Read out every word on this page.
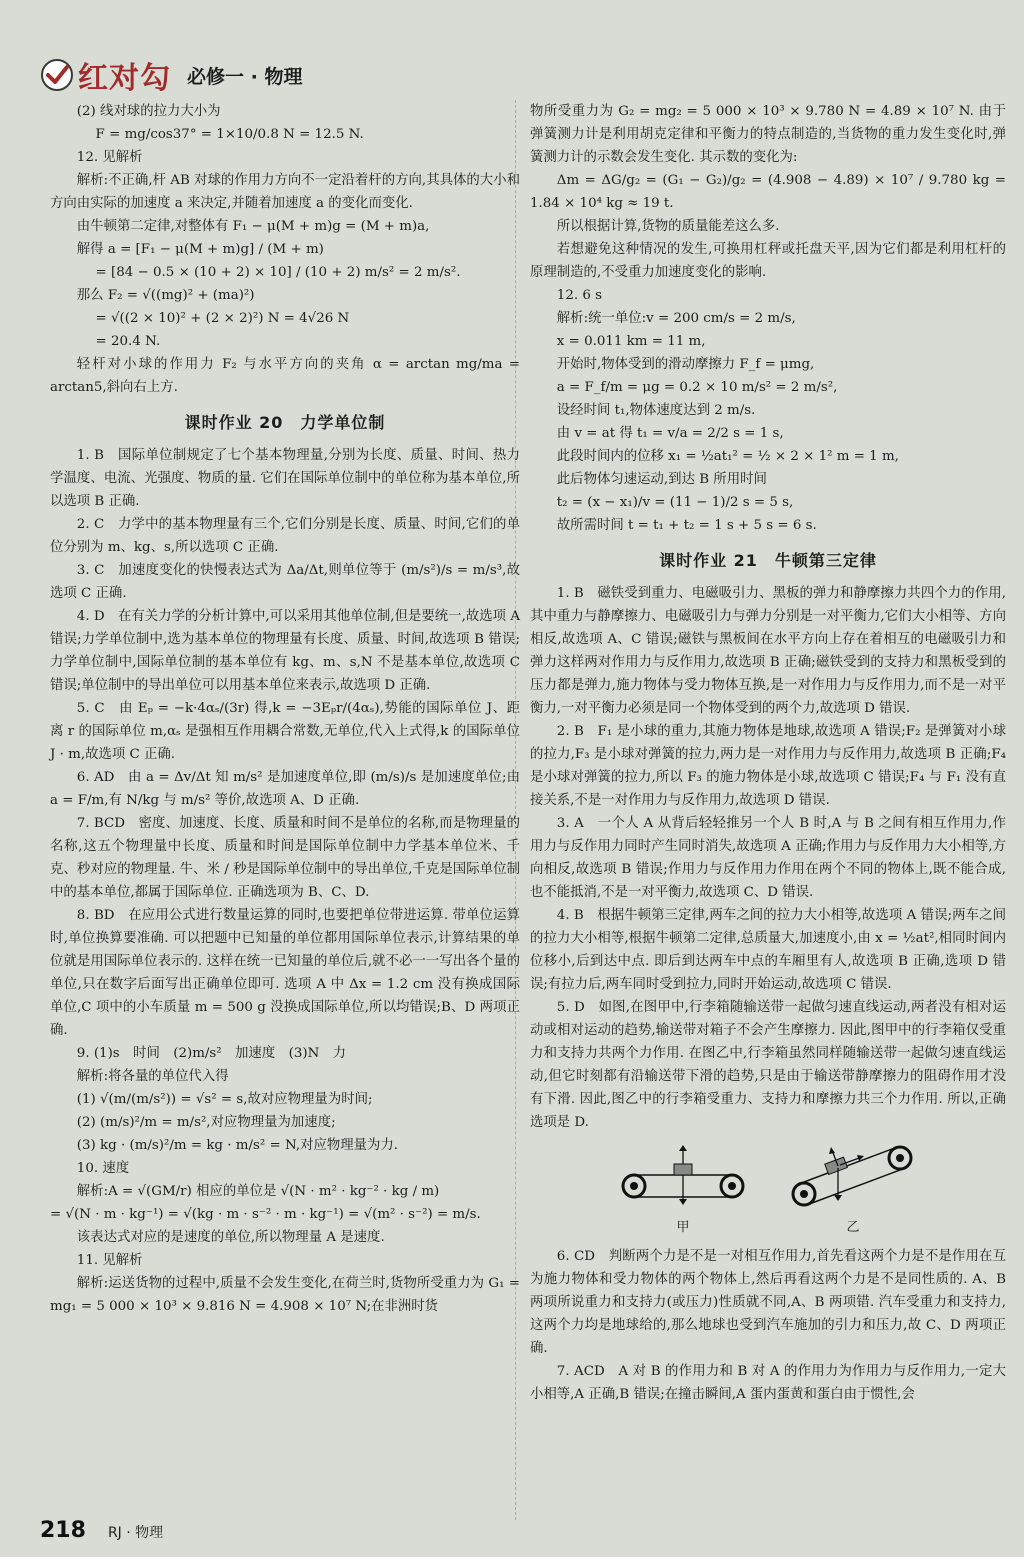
红对勾 必修一 · 物理

(2) 线对球的拉力大小为

F = mg/cos37° = 1×10/0.8 N = 12.5 N.

12. 见解析

解析:不正确,杆 AB 对球的作用力方向不一定沿着杆的方向,其具体的大小和方向由实际的加速度 a 来决定,并随着加速度 a 的变化而变化.

由牛顿第二定律,对整体有 F₁ − μ(M + m)g = (M + m)a,

解得 a = [F₁ − μ(M + m)g] / (M + m)

= [84 − 0.5 × (10 + 2) × 10] / (10 + 2) m/s² = 2 m/s².

那么 F₂ = √((mg)² + (ma)²)

= √((2 × 10)² + (2 × 2)²) N = 4√26 N

= 20.4 N.

轻杆对小球的作用力 F₂ 与水平方向的夹角 α = arctan mg/ma = arctan5,斜向右上方.

课时作业 20　力学单位制

1. B　国际单位制规定了七个基本物理量,分别为长度、质量、时间、热力学温度、电流、光强度、物质的量. 它们在国际单位制中的单位称为基本单位,所以选项 B 正确.

2. C　力学中的基本物理量有三个,它们分别是长度、质量、时间,它们的单位分别为 m、kg、s,所以选项 C 正确.

3. C　加速度变化的快慢表达式为 Δa/Δt,则单位等于 (m/s²)/s = m/s³,故选项 C 正确.

4. D　在有关力学的分析计算中,可以采用其他单位制,但是要统一,故选项 A 错误;力学单位制中,选为基本单位的物理量有长度、质量、时间,故选项 B 错误;力学单位制中,国际单位制的基本单位有 kg、m、s,N 不是基本单位,故选项 C 错误;单位制中的导出单位可以用基本单位来表示,故选项 D 正确.

5. C　由 Eₚ = −k·4αₛ/(3r) 得,k = −3Eₚr/(4αₛ),势能的国际单位 J、距离 r 的国际单位 m,αₛ 是强相互作用耦合常数,无单位,代入上式得,k 的国际单位 J · m,故选项 C 正确.

6. AD　由 a = Δv/Δt 知 m/s² 是加速度单位,即 (m/s)/s 是加速度单位;由 a = F/m,有 N/kg 与 m/s² 等价,故选项 A、D 正确.

7. BCD　密度、加速度、长度、质量和时间不是单位的名称,而是物理量的名称,这五个物理量中长度、质量和时间是国际单位制中力学基本单位米、千克、秒对应的物理量. 牛、米 / 秒是国际单位制中的导出单位,千克是国际单位制中的基本单位,都属于国际单位. 正确选项为 B、C、D.

8. BD　在应用公式进行数量运算的同时,也要把单位带进运算. 带单位运算时,单位换算要准确. 可以把题中已知量的单位都用国际单位表示,计算结果的单位就是用国际单位表示的. 这样在统一已知量的单位后,就不必一一写出各个量的单位,只在数字后面写出正确单位即可. 选项 A 中 Δx = 1.2 cm 没有换成国际单位,C 项中的小车质量 m = 500 g 没换成国际单位,所以均错误;B、D 两项正确.

9. (1)s　时间　(2)m/s²　加速度　(3)N　力

解析:将各量的单位代入得

(1) √(m/(m/s²)) = √s² = s,故对应物理量为时间;

(2) (m/s)²/m = m/s²,对应物理量为加速度;

(3) kg · (m/s)²/m = kg · m/s² = N,对应物理量为力.

10. 速度

解析:A = √(GM/r) 相应的单位是 √(N · m² · kg⁻² · kg / m)

= √(N · m · kg⁻¹) = √(kg · m · s⁻² · m · kg⁻¹) = √(m² · s⁻²) = m/s.

该表达式对应的是速度的单位,所以物理量 A 是速度.

11. 见解析

解析:运送货物的过程中,质量不会发生变化,在荷兰时,货物所受重力为 G₁ = mg₁ = 5 000 × 10³ × 9.816 N = 4.908 × 10⁷ N;在非洲时货

物所受重力为 G₂ = mg₂ = 5 000 × 10³ × 9.780 N = 4.89 × 10⁷ N. 由于弹簧测力计是利用胡克定律和平衡力的特点制造的,当货物的重力发生变化时,弹簧测力计的示数会发生变化. 其示数的变化为:

Δm = ΔG/g₂ = (G₁ − G₂)/g₂ = (4.908 − 4.89) × 10⁷ / 9.780 kg = 1.84 × 10⁴ kg ≈ 19 t.

所以根据计算,货物的质量能差这么多.

若想避免这种情况的发生,可换用杠秤或托盘天平,因为它们都是利用杠杆的原理制造的,不受重力加速度变化的影响.

12. 6 s

解析:统一单位:v = 200 cm/s = 2 m/s,

x = 0.011 km = 11 m,

开始时,物体受到的滑动摩擦力 F_f = μmg,

a = F_f/m = μg = 0.2 × 10 m/s² = 2 m/s²,

设经时间 t₁,物体速度达到 2 m/s.

由 v = at 得 t₁ = v/a = 2/2 s = 1 s,

此段时间内的位移 x₁ = ½at₁² = ½ × 2 × 1² m = 1 m,

此后物体匀速运动,到达 B 所用时间

t₂ = (x − x₁)/v = (11 − 1)/2 s = 5 s,

故所需时间 t = t₁ + t₂ = 1 s + 5 s = 6 s.

课时作业 21　牛顿第三定律

1. B　磁铁受到重力、电磁吸引力、黑板的弹力和静摩擦力共四个力的作用,其中重力与静摩擦力、电磁吸引力与弹力分别是一对平衡力,它们大小相等、方向相反,故选项 A、C 错误;磁铁与黑板间在水平方向上存在着相互的电磁吸引力和弹力这样两对作用力与反作用力,故选项 B 正确;磁铁受到的支持力和黑板受到的压力都是弹力,施力物体与受力物体互换,是一对作用力与反作用力,而不是一对平衡力,一对平衡力必须是同一个物体受到的两个力,故选项 D 错误.

2. B　F₁ 是小球的重力,其施力物体是地球,故选项 A 错误;F₂ 是弹簧对小球的拉力,F₃ 是小球对弹簧的拉力,两力是一对作用力与反作用力,故选项 B 正确;F₄ 是小球对弹簧的拉力,所以 F₃ 的施力物体是小球,故选项 C 错误;F₄ 与 F₁ 没有直接关系,不是一对作用力与反作用力,故选项 D 错误.

3. A　一个人 A 从背后轻轻推另一个人 B 时,A 与 B 之间有相互作用力,作用力与反作用力同时产生同时消失,故选项 A 正确;作用力与反作用力大小相等,方向相反,故选项 B 错误;作用力与反作用力作用在两个不同的物体上,既不能合成,也不能抵消,不是一对平衡力,故选项 C、D 错误.

4. B　根据牛顿第三定律,两车之间的拉力大小相等,故选项 A 错误;两车之间的拉力大小相等,根据牛顿第二定律,总质量大,加速度小,由 x = ½at²,相同时间内位移小,后到达中点. 即后到达两车中点的车厢里有人,故选项 B 正确,选项 D 错误;有拉力后,两车同时受到拉力,同时开始运动,故选项 C 错误.

5. D　如图,在图甲中,行李箱随输送带一起做匀速直线运动,两者没有相对运动或相对运动的趋势,输送带对箱子不会产生摩擦力. 因此,图甲中的行李箱仅受重力和支持力共两个力作用. 在图乙中,行李箱虽然同样随输送带一起做匀速直线运动,但它时刻都有沿输送带下滑的趋势,只是由于输送带静摩擦力的阻碍作用才没有下滑. 因此,图乙中的行李箱受重力、支持力和摩擦力共三个力作用. 所以,正确选项是 D.

甲	乙

6. CD　判断两个力是不是一对相互作用力,首先看这两个力是不是作用在互为施力物体和受力物体的两个物体上,然后再看这两个力是不是同性质的. A、B 两项所说重力和支持力(或压力)性质就不同,A、B 两项错. 汽车受重力和支持力,这两个力均是地球给的,那么地球也受到汽车施加的引力和压力,故 C、D 两项正确.

7. ACD　A 对 B 的作用力和 B 对 A 的作用力为作用力与反作用力,一定大小相等,A 正确,B 错误;在撞击瞬间,A 蛋内蛋黄和蛋白由于惯性,会

218 RJ · 物理
